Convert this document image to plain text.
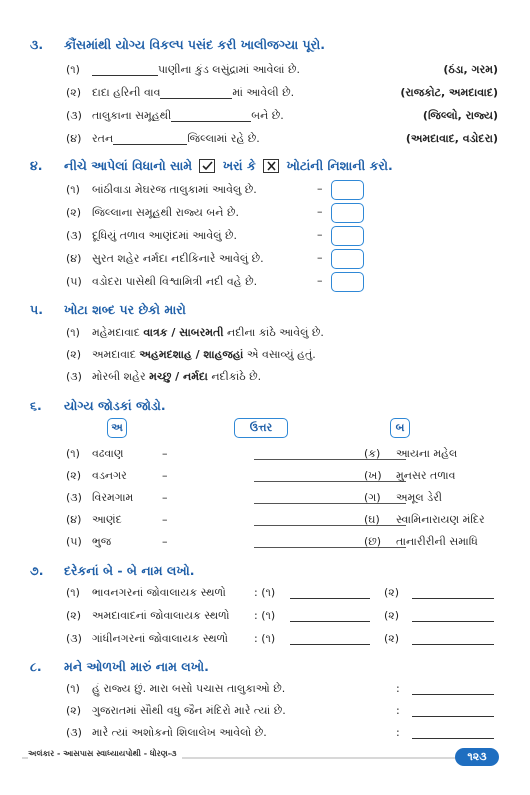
૩. કૌંસમાંથી યોગ્ય વિકલ્પ પસંદ કરી ખાલીજગ્યા પૂરો.
(૧)	પાણીના કુંડ લસુંદ્રામાં આવેલાં છે.	(ઠંડા, ગરમ)
(૨) દાદા હરિની વાવ	માં આવેલી છે.	(રાજકોટ, અમદાવાદ)
(૩) તાલુકાના સમૂહથી	બને છે.	(જિલ્લો, રાજ્ય)
(૪) રતન	જિલ્લામાં રહે છે.	(અમદાવાદ, વડોદરા)
૪. નીચે આપેલાં વિધાનો સામે ખરાં કે ખોટાંની નિશાની કરો.
(૧)	બાંઠીવાડા મેઘરજ તાલુકામાં આવેલુ છે.	–
(૨) જિલ્લાના સમૂહથી રાજ્ય બને છે.	–
(૩) દૂધિયું તળાવ આણંદમાં આવેલું છે.	–
(૪) સુરત શહેર નર્મદા નદીકિનારે આવેલું છે.	–
(૫) વડોદરા પાસેથી વિશ્વામિત્રી નદી વહે છે.	–
૫. ખોટા શબ્દ પર છેકો મારો
(૧)	મહેમદાવાદ
વાત્રક / સાબરમતી
નદીના કાંઠે આવેલું છે.
(૨) અમદાવાદ
અહમદશાહ / શાહજહાં
એ વસાવ્યું હતું.
(૩) મોરબી શહેર
મચ્છુ / નર્મદા
નદીકાંઠે છે.
૬. યોગ્ય જોડકાં જોડો.
અ	ઉત્તર	બ
(૧) વઢવાણ	–	(ક) આયના મહેલ
(૨) વડનગર	–	(ખ) મુનસર તળાવ
(૩) વિરમગામ	–	(ગ) અમૂલ ડેરી
(૪) આણંદ	–	(ઘ) સ્વામિનારાયણ મંદિર
(૫) ભુજ	–	(છ) તાનારીરીની સમાધિ
૭. દરેકનાં બે - બે નામ લખો.
(૧) ભાવનગરનાં જોવાલાયક સ્થળો	: (૧)	(૨)
(૨) અમદાવાદનાં જોવાલાયક સ્થળો : (૧)	(૨)
(૩) ગાંધીનગરનાં જોવાલાયક સ્થળો : (૧)	(૨)
૮. મને ઓળખી મારું નામ લખો.
(૧) હું રાજ્ય છું. મારા બસો પચાસ તાલુકાઓ છે.	:
(૨) ગુજરાતમાં સૌથી વધુ જૈન મંદિરો મારે ત્યાં છે.	:
(૩) મારે ત્યાં અશોકનો શિલાલેખ આવેલો છે.	:
અલંકાર - આસપાસ સ્વાધ્યાયપોથી - ધોરણ-૩	૧૨૩
